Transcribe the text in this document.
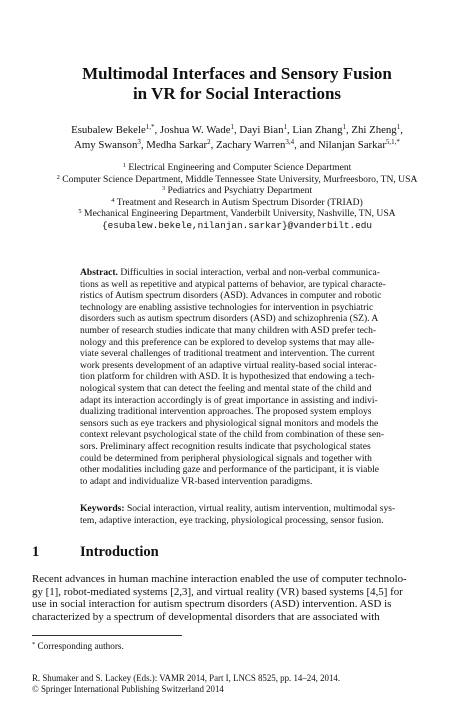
Multimodal Interfaces and Sensory Fusion
in VR for Social Interactions
Esubalew Bekele$^{1,*}$, Joshua W. Wade$^1$, Dayi Bian$^1$, Lian Zhang$^1$, Zhi Zheng$^1$,
Amy Swanson$^3$, Medha Sarkar$^2$, Zachary Warren$^{3,4}$, and Nilanjan Sarkar$^{5,1,*}$
$^1$ Electrical Engineering and Computer Science Department
$^2$ Computer Science Department, Middle Tennessee State University, Murfreesboro, TN, USA
$^3$ Pediatrics and Psychiatry Department
$^4$ Treatment and Research in Autism Spectrum Disorder (TRIAD)
$^5$ Mechanical Engineering Department, Vanderbilt University, Nashville, TN, USA
{esubalew.bekele,nilanjan.sarkar}@vanderbilt.edu
Abstract. Difficulties in social interaction, verbal and non-verbal communica-
tions as well as repetitive and atypical patterns of behavior, are typical characte-
ristics of Autism spectrum disorders (ASD). Advances in computer and robotic
technology are enabling assistive technologies for intervention in psychiatric
disorders such as autism spectrum disorders (ASD) and schizophrenia (SZ). A
number of research studies indicate that many children with ASD prefer tech-
nology and this preference can be explored to develop systems that may alle-
viate several challenges of traditional treatment and intervention. The current
work presents development of an adaptive virtual reality-based social interac-
tion platform for children with ASD. It is hypothesized that endowing a tech-
nological system that can detect the feeling and mental state of the child and
adapt its interaction accordingly is of great importance in assisting and indivi-
dualizing traditional intervention approaches. The proposed system employs
sensors such as eye trackers and physiological signal monitors and models the
context relevant psychological state of the child from combination of these sen-
sors. Preliminary affect recognition results indicate that psychological states
could be determined from peripheral physiological signals and together with
other modalities including gaze and performance of the participant, it is viable
to adapt and individualize VR-based intervention paradigms.
Keywords: Social interaction, virtual reality, autism intervention, multimodal sys-
tem, adaptive interaction, eye tracking, physiological processing, sensor fusion.
1	Introduction
Recent advances in human machine interaction enabled the use of computer technolo-
gy [1], robot-mediated systems [2,3], and virtual reality (VR) based systems [4,5] for
use in social interaction for autism spectrum disorders (ASD) intervention. ASD is
characterized by a spectrum of developmental disorders that are associated with
* Corresponding authors.
R. Shumaker and S. Lackey (Eds.): VAMR 2014, Part I, LNCS 8525, pp. 14–24, 2014.
© Springer International Publishing Switzerland 2014
